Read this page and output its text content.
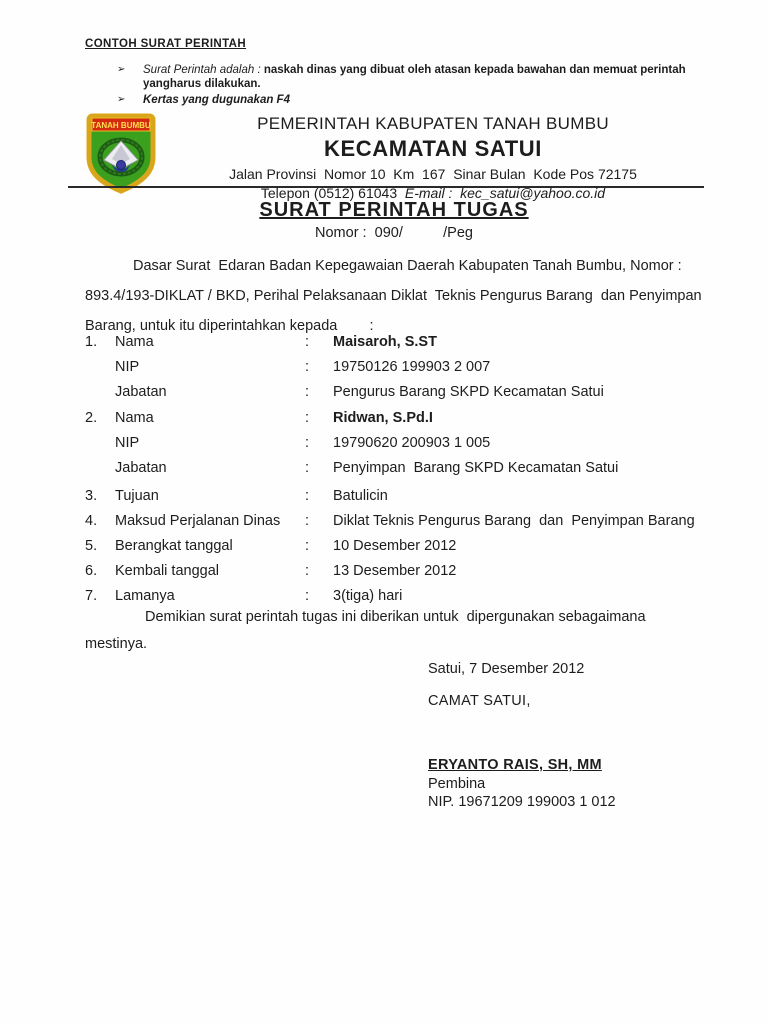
CONTOH SURAT PERINTAH
➢	Surat Perintah adalah : naskah dinas yang dibuat oleh atasan kepada bawahan dan memuat perintah yangharus dilakukan.
➢	Kertas yang dugunakan F4
TANAH BUMBU	PEMERINTAH KABUPATEN TANAH BUMBU
KECAMATAN SATUI
Jalan Provinsi  Nomor 10  Km  167  Sinar Bulan  Kode Pos 72175
Telepon (0512) 61043  E-mail :  kec_satui@yahoo.co.id
SURAT PERINTAH TUGAS
Nomor :  090/          /Peg
Dasar Surat  Edaran Badan Kepegawaian Daerah Kabupaten Tanah Bumbu, Nomor : 893.4/193-DIKLAT / BKD, Perihal Pelaksanaan Diklat  Teknis Pengurus Barang  dan Penyimpan Barang, untuk itu diperintahkan kepada        :
1.	Nama	:	Maisaroh, S.ST
NIP	:	19750126 199903 2 007
Jabatan	:	Pengurus Barang SKPD Kecamatan Satui
2.	Nama	:	Ridwan, S.Pd.I
NIP	:	19790620 200903 1 005
Jabatan	:	Penyimpan  Barang SKPD Kecamatan Satui
3.	Tujuan	:	Batulicin
4.	Maksud Perjalanan Dinas	:	Diklat Teknis Pengurus Barang  dan  Penyimpan Barang
5.	Berangkat tanggal	:	10 Desember 2012
6.	Kembali tanggal	:	13 Desember 2012
7.	Lamanya	:	3(tiga) hari
Demikian surat perintah tugas ini diberikan untuk  dipergunakan sebagaimana mestinya.
Satui, 7 Desember 2012
CAMAT SATUI,
ERYANTO RAIS, SH, MM
Pembina
NIP. 19671209 199003 1 012
